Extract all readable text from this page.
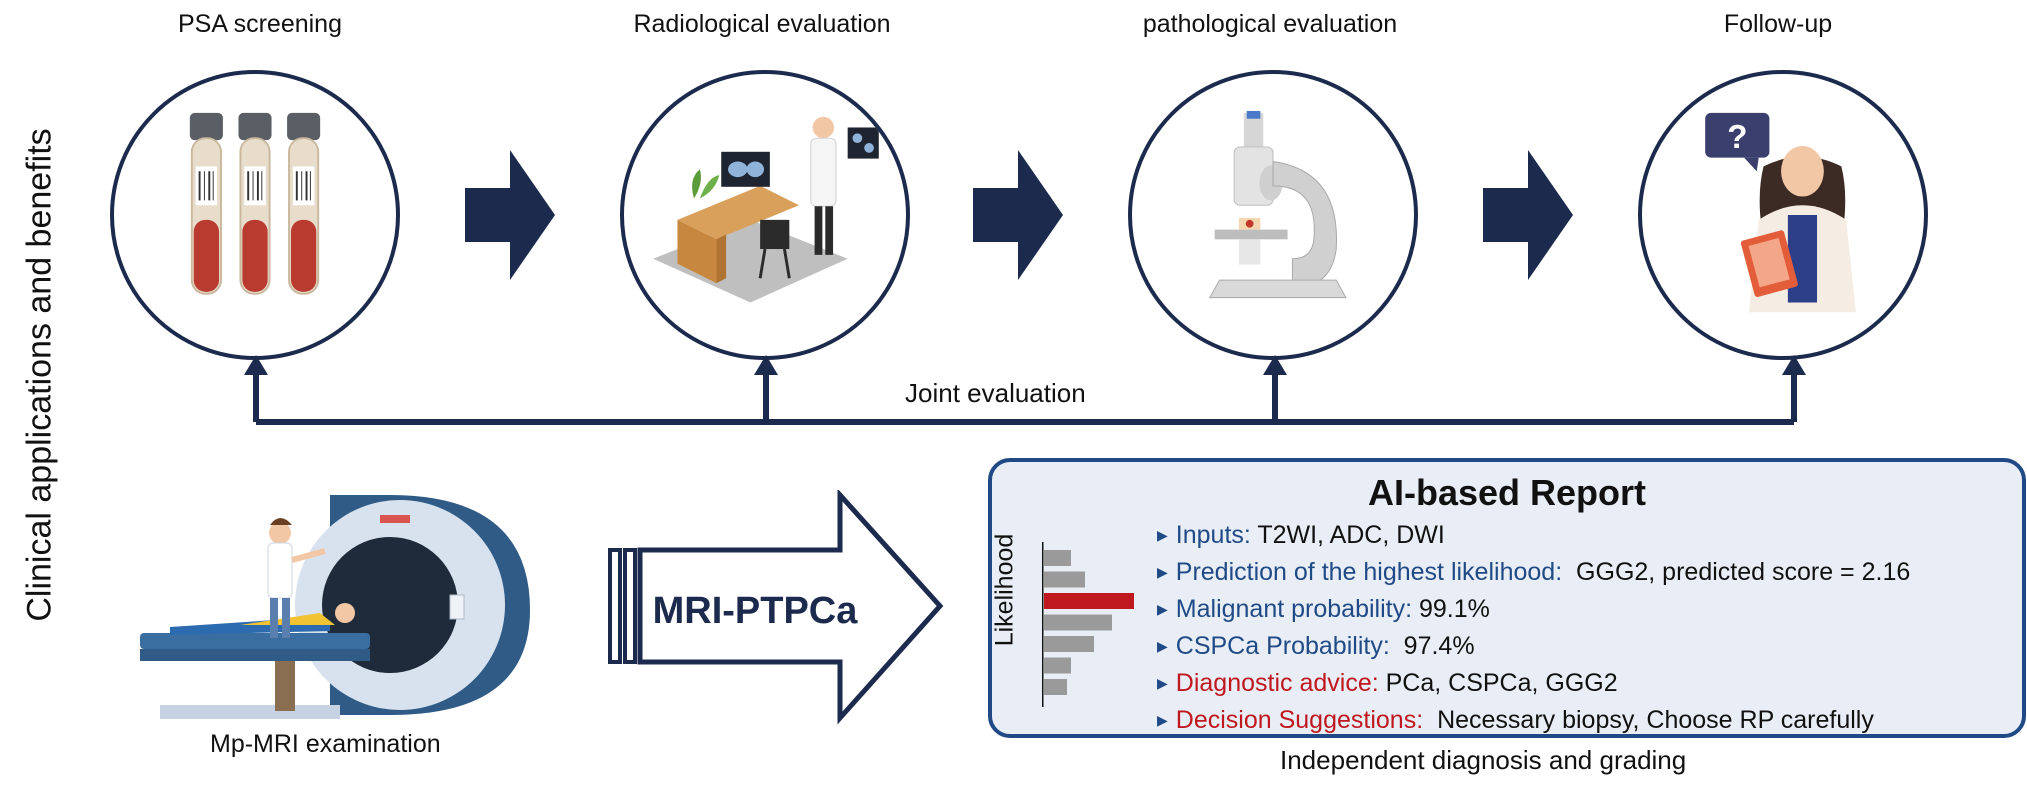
Clinical applications and benefits
PSA screening	Radiological evaluation	pathological evaluation	Follow-up
?
Joint evaluation
Mp-MRI examination
MRI-PTPCa
AI-based Report
▶ Inputs: T2WI, ADC, DWI
▶ Prediction of the highest likelihood: GGG2, predicted score = 2.16
▶ Malignant probability: 99.1%
▶ CSPCa Probability: 97.4%
▶ Diagnostic advice: PCa, CSPCa, GGG2
▶ Decision Suggestions: Necessary biopsy, Choose RP carefully
Likelihood
Independent diagnosis and grading
